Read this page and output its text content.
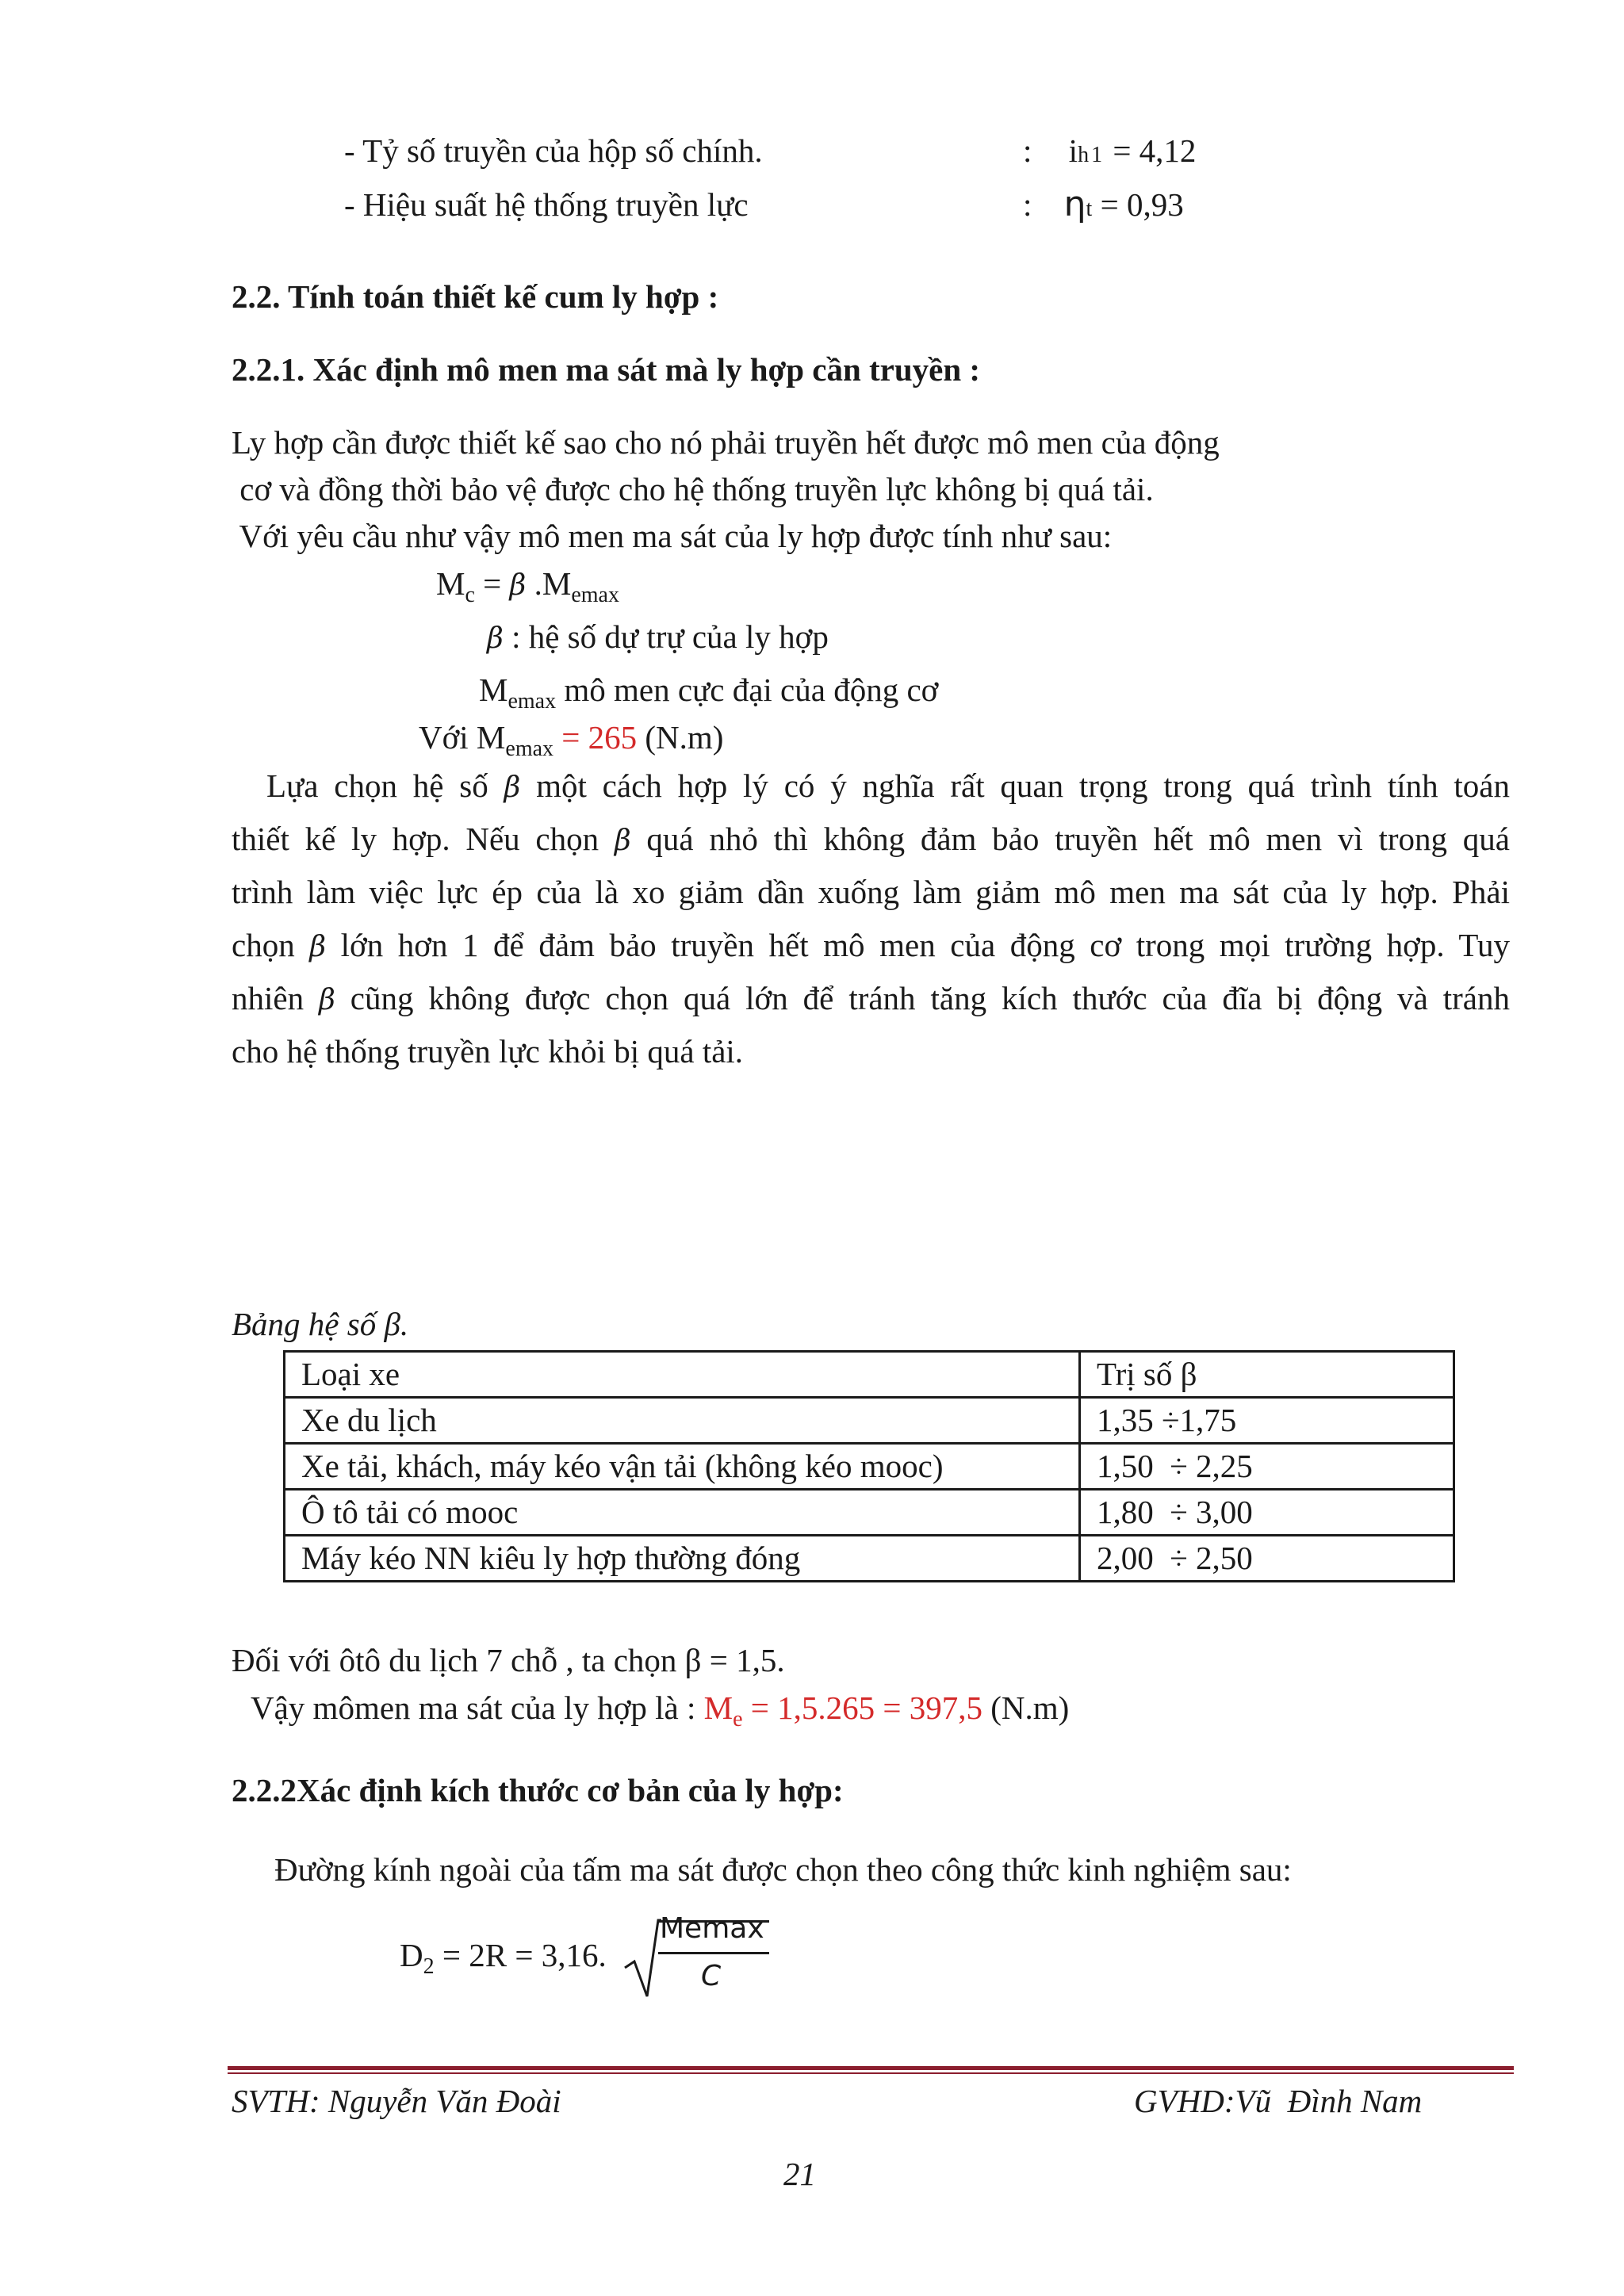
- Tỷ số truyền của hộp số chính.	: ih1 = 4,12
- Hiệu suất hệ thống truyền lực	: ηt = 0,93
2.2. Tính toán thiết kế cum ly hợp :
2.2.1. Xác định mô men ma sát mà ly hợp cần truyền :
Ly hợp cần được thiết kế sao cho nó phải truyền hết được mô men của động
cơ và đồng thời bảo vệ được cho hệ thống truyền lực không bị quá tải.
Với yêu cầu như vậy mô men ma sát của ly hợp được tính như sau:
$M_c = \beta$ $.M_{emax}$
β : hệ số dự trự của ly hợp
$M_{emax}$ mô men cực đại của động cơ
Với $M_{emax} = 265$ (N.m)
Lựa chọn hệ số β một cách hợp lý có ý nghĩa rất quan trọng trong quá trình tính toán
thiết kế ly hợp. Nếu chọn β quá nhỏ thì không đảm bảo truyền hết mô men vì trong quá
trình làm việc lực ép của là xo giảm dần xuống làm giảm mô men ma sát của ly hợp. Phải
chọn β lớn hơn 1 để đảm bảo truyền hết mô men của động cơ trong mọi trường hợp. Tuy
nhiên β cũng không được chọn quá lớn để tránh tăng kích thước của đĩa bị động và tránh
cho hệ thống truyền lực khỏi bị quá tải.
Bảng hệ số β.
Loại xe	Trị số β
Xe du lịch	1,35 ÷1,75
Xe tải, khách, máy kéo vận tải (không kéo mooc)	1,50  ÷ 2,25
Ô tô tải có mooc	1,80  ÷ 3,00
Máy kéo NN kiêu ly hợp thường đóng	2,00  ÷ 2,50
Đối với ôtô du lịch 7 chỗ , ta chọn β = 1,5.
Vậy mômen ma sát của ly hợp là : $M_e = 1,5.265 = 397,5$ (N.m)
2.2.2Xác định kích thước cơ bản của ly hợp:
Đường kính ngoài của tấm ma sát được chọn theo công thức kinh nghiệm sau:
$D_2 = 2R = 3,16$.
Memax
C
SVTH: Nguyễn Văn Đoài	GVHD:Vũ  Đình Nam
21
